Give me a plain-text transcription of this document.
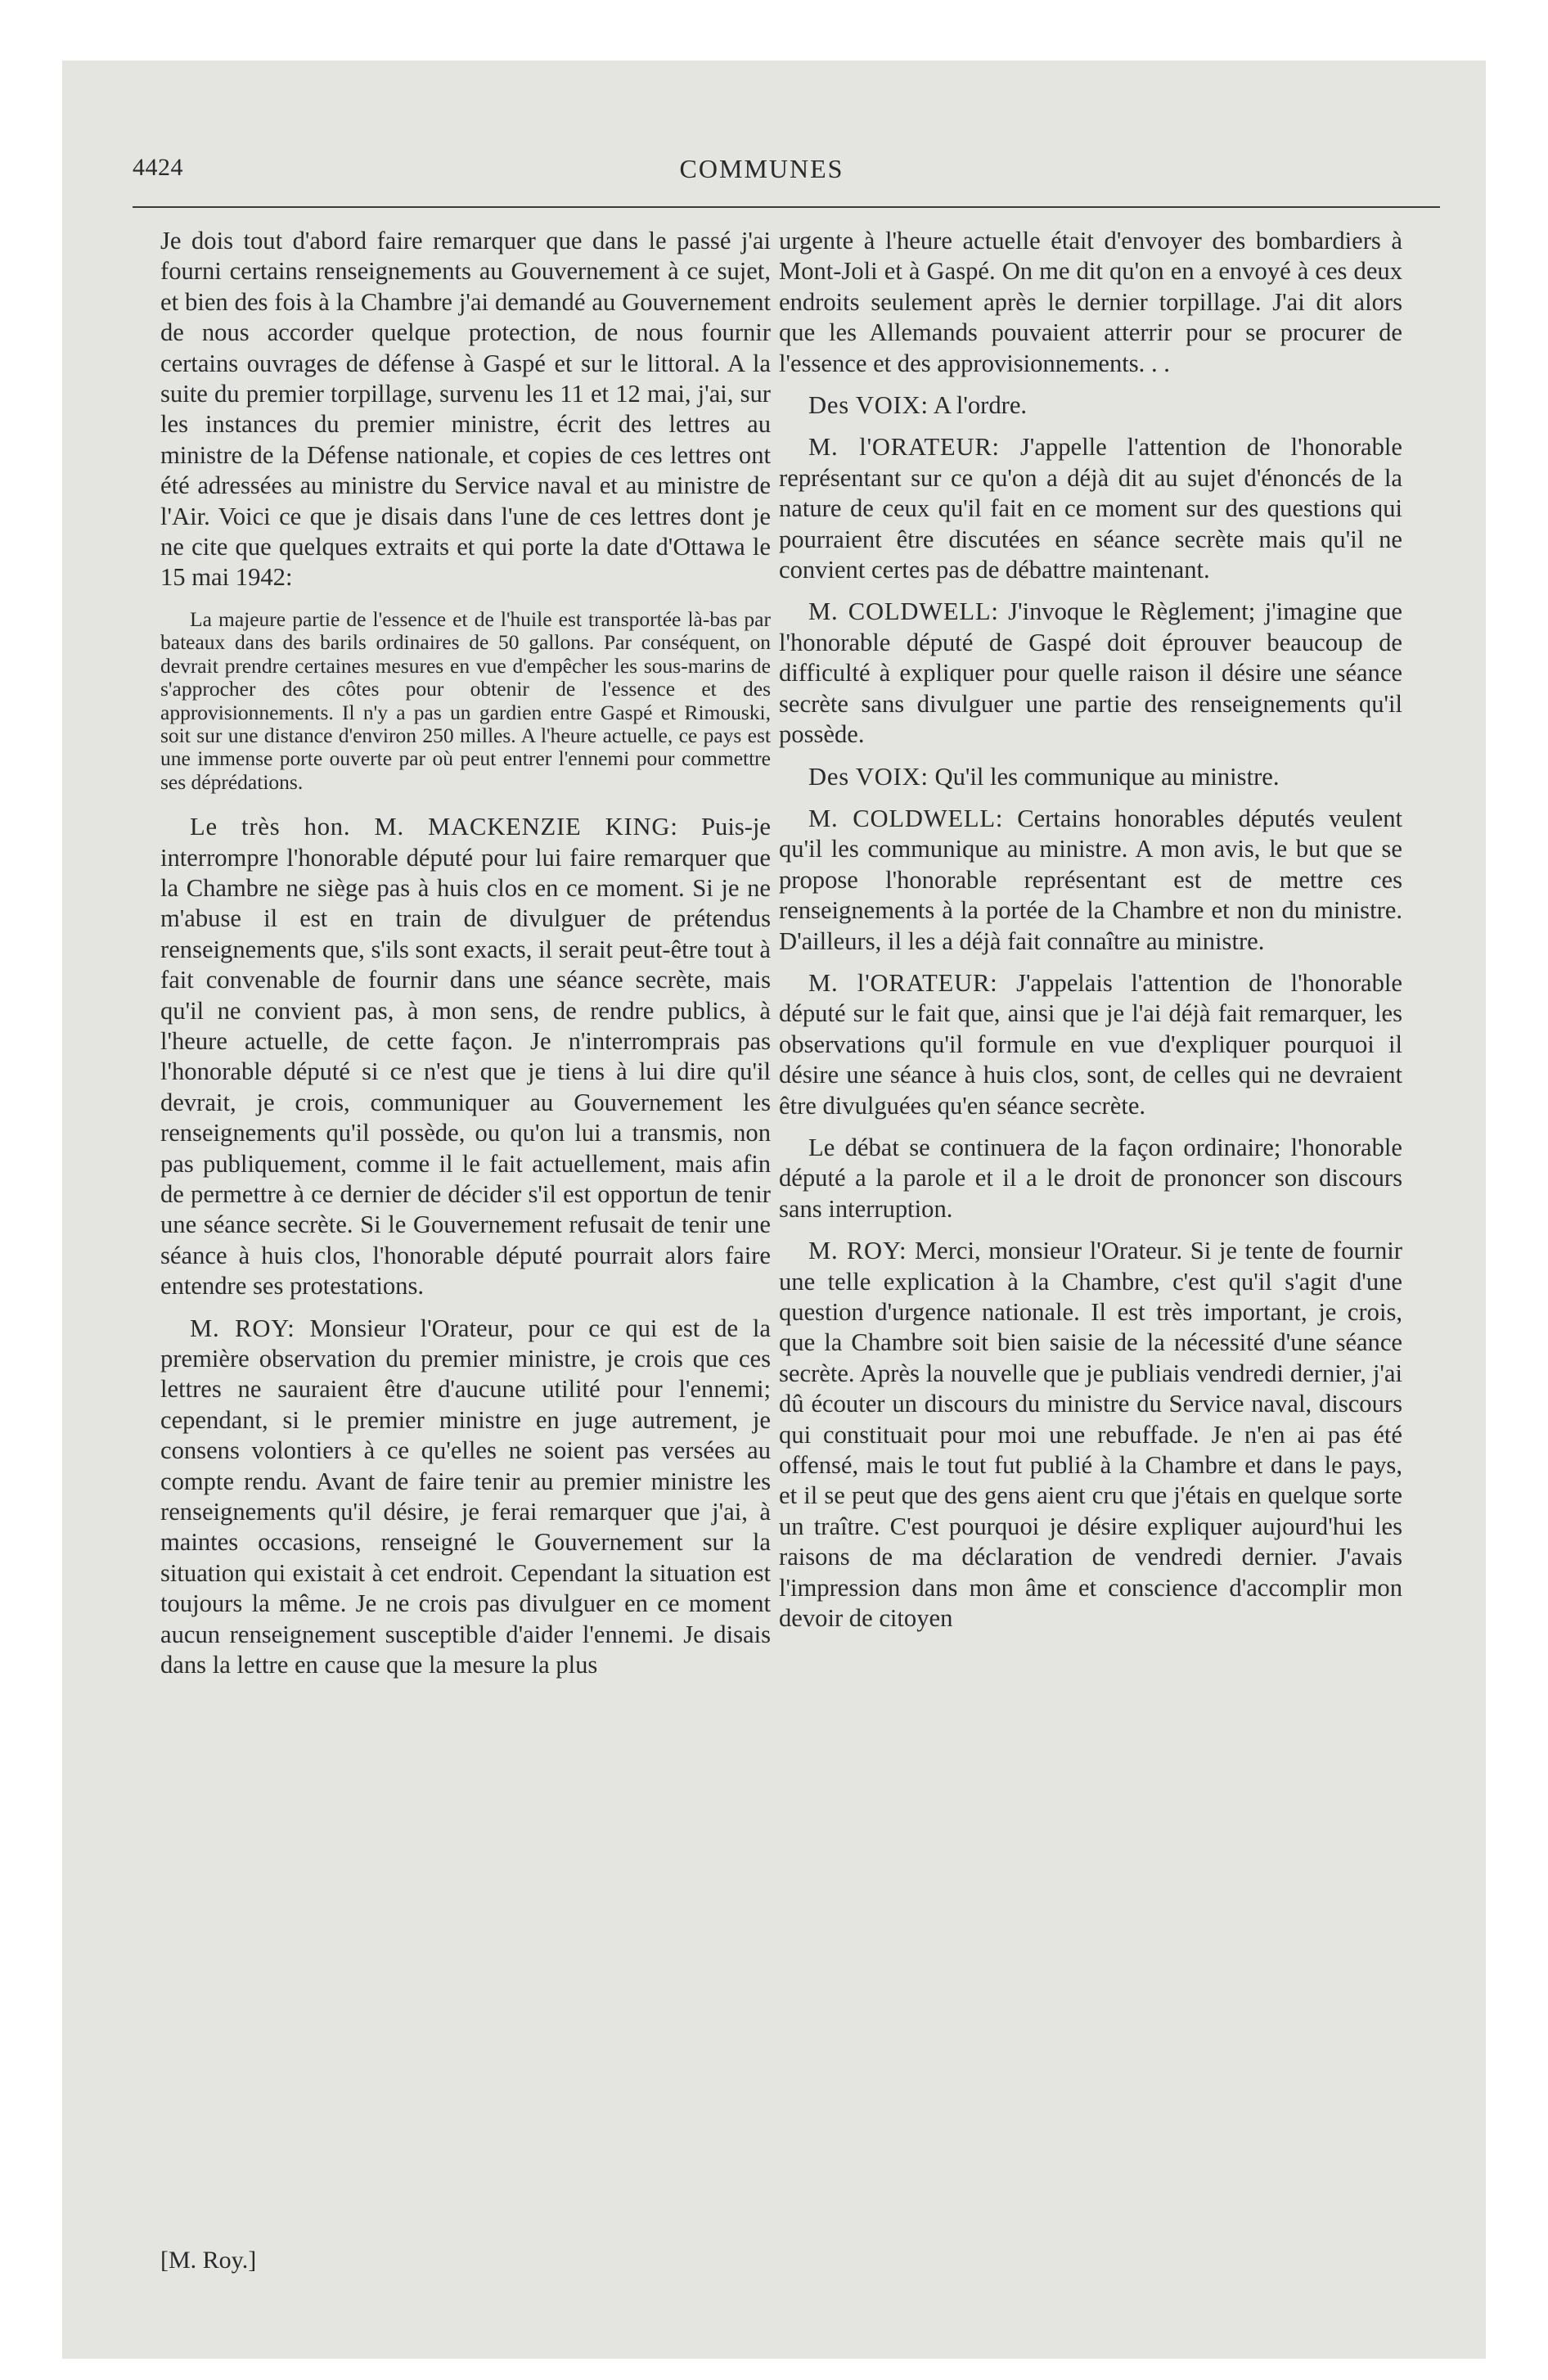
4424	COMMUNES

Je dois tout d'abord faire remarquer que dans le passé j'ai fourni certains renseignements au Gouvernement à ce sujet, et bien des fois à la Chambre j'ai demandé au Gouvernement de nous accorder quelque protection, de nous fournir certains ouvrages de défense à Gaspé et sur le littoral. A la suite du premier torpillage, survenu les 11 et 12 mai, j'ai, sur les instances du premier ministre, écrit des lettres au ministre de la Défense nationale, et copies de ces lettres ont été adressées au ministre du Service naval et au ministre de l'Air. Voici ce que je disais dans l'une de ces lettres dont je ne cite que quelques extraits et qui porte la date d'Ottawa le 15 mai 1942:

La majeure partie de l'essence et de l'huile est transportée là-bas par bateaux dans des barils ordinaires de 50 gallons. Par conséquent, on devrait prendre certaines mesures en vue d'empêcher les sous-marins de s'approcher des côtes pour obtenir de l'essence et des approvisionnements. Il n'y a pas un gardien entre Gaspé et Rimouski, soit sur une distance d'environ 250 milles. A l'heure actuelle, ce pays est une immense porte ouverte par où peut entrer l'ennemi pour commettre ses déprédations.

Le très hon. M. MACKENZIE KING: Puis-je interrompre l'honorable député pour lui faire remarquer que la Chambre ne siège pas à huis clos en ce moment. Si je ne m'abuse il est en train de divulguer de prétendus renseignements que, s'ils sont exacts, il serait peut-être tout à fait convenable de fournir dans une séance secrète, mais qu'il ne convient pas, à mon sens, de rendre publics, à l'heure actuelle, de cette façon. Je n'interromprais pas l'honorable député si ce n'est que je tiens à lui dire qu'il devrait, je crois, communiquer au Gouvernement les renseignements qu'il possède, ou qu'on lui a transmis, non pas publiquement, comme il le fait actuellement, mais afin de permettre à ce dernier de décider s'il est opportun de tenir une séance secrète. Si le Gouvernement refusait de tenir une séance à huis clos, l'honorable député pourrait alors faire entendre ses protestations.

M. ROY: Monsieur l'Orateur, pour ce qui est de la première observation du premier ministre, je crois que ces lettres ne sauraient être d'aucune utilité pour l'ennemi; cependant, si le premier ministre en juge autrement, je consens volontiers à ce qu'elles ne soient pas versées au compte rendu. Avant de faire tenir au premier ministre les renseignements qu'il désire, je ferai remarquer que j'ai, à maintes occasions, renseigné le Gouvernement sur la situation qui existait à cet endroit. Cependant la situation est toujours la même. Je ne crois pas divulguer en ce moment aucun renseignement susceptible d'aider l'ennemi. Je disais dans la lettre en cause que la mesure la plus

[M. Roy.]

urgente à l'heure actuelle était d'envoyer des bombardiers à Mont-Joli et à Gaspé. On me dit qu'on en a envoyé à ces deux endroits seulement après le dernier torpillage. J'ai dit alors que les Allemands pouvaient atterrir pour se procurer de l'essence et des approvisionnements. . .

Des VOIX: A l'ordre.

M. l'ORATEUR: J'appelle l'attention de l'honorable représentant sur ce qu'on a déjà dit au sujet d'énoncés de la nature de ceux qu'il fait en ce moment sur des questions qui pourraient être discutées en séance secrète mais qu'il ne convient certes pas de débattre maintenant.

M. COLDWELL: J'invoque le Règlement; j'imagine que l'honorable député de Gaspé doit éprouver beaucoup de difficulté à expliquer pour quelle raison il désire une séance secrète sans divulguer une partie des renseignements qu'il possède.

Des VOIX: Qu'il les communique au ministre.

M. COLDWELL: Certains honorables députés veulent qu'il les communique au ministre. A mon avis, le but que se propose l'honorable représentant est de mettre ces renseignements à la portée de la Chambre et non du ministre. D'ailleurs, il les a déjà fait connaître au ministre.

M. l'ORATEUR: J'appelais l'attention de l'honorable député sur le fait que, ainsi que je l'ai déjà fait remarquer, les observations qu'il formule en vue d'expliquer pourquoi il désire une séance à huis clos, sont, de celles qui ne devraient être divulguées qu'en séance secrète.

Le débat se continuera de la façon ordinaire; l'honorable député a la parole et il a le droit de prononcer son discours sans interruption.

M. ROY: Merci, monsieur l'Orateur. Si je tente de fournir une telle explication à la Chambre, c'est qu'il s'agit d'une question d'urgence nationale. Il est très important, je crois, que la Chambre soit bien saisie de la nécessité d'une séance secrète. Après la nouvelle que je publiais vendredi dernier, j'ai dû écouter un discours du ministre du Service naval, discours qui constituait pour moi une rebuffade. Je n'en ai pas été offensé, mais le tout fut publié à la Chambre et dans le pays, et il se peut que des gens aient cru que j'étais en quelque sorte un traître. C'est pourquoi je désire expliquer aujourd'hui les raisons de ma déclaration de vendredi dernier. J'avais l'impression dans mon âme et conscience d'accomplir mon devoir de citoyen
